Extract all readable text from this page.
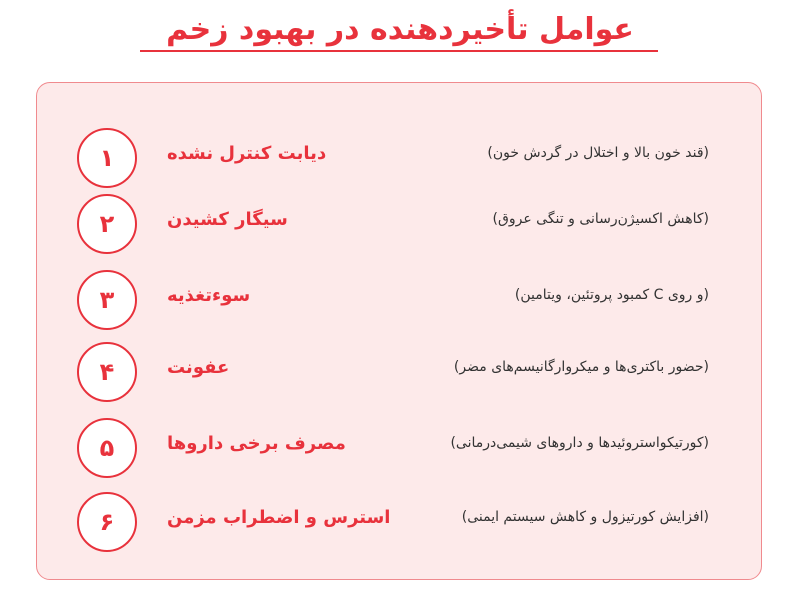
عوامل تأخیردهنده در بهبود زخم
۱	دیابت کنترل نشده	(قند خون بالا و اختلال در گردش خون)
۲	سیگار کشیدن	(کاهش اکسیژن‌رسانی و تنگی عروق)
۳	سوءتغذیه	(و روی C کمبود پروتئین، ویتامین)
۴	عفونت	(حضور باکتری‌ها و میکروارگانیسم‌های مضر)
۵	مصرف برخی داروها	(کورتیکواستروئیدها و داروهای شیمی‌درمانی)
۶	استرس و اضطراب مزمن	(افزایش کورتیزول و کاهش سیستم ایمنی)
